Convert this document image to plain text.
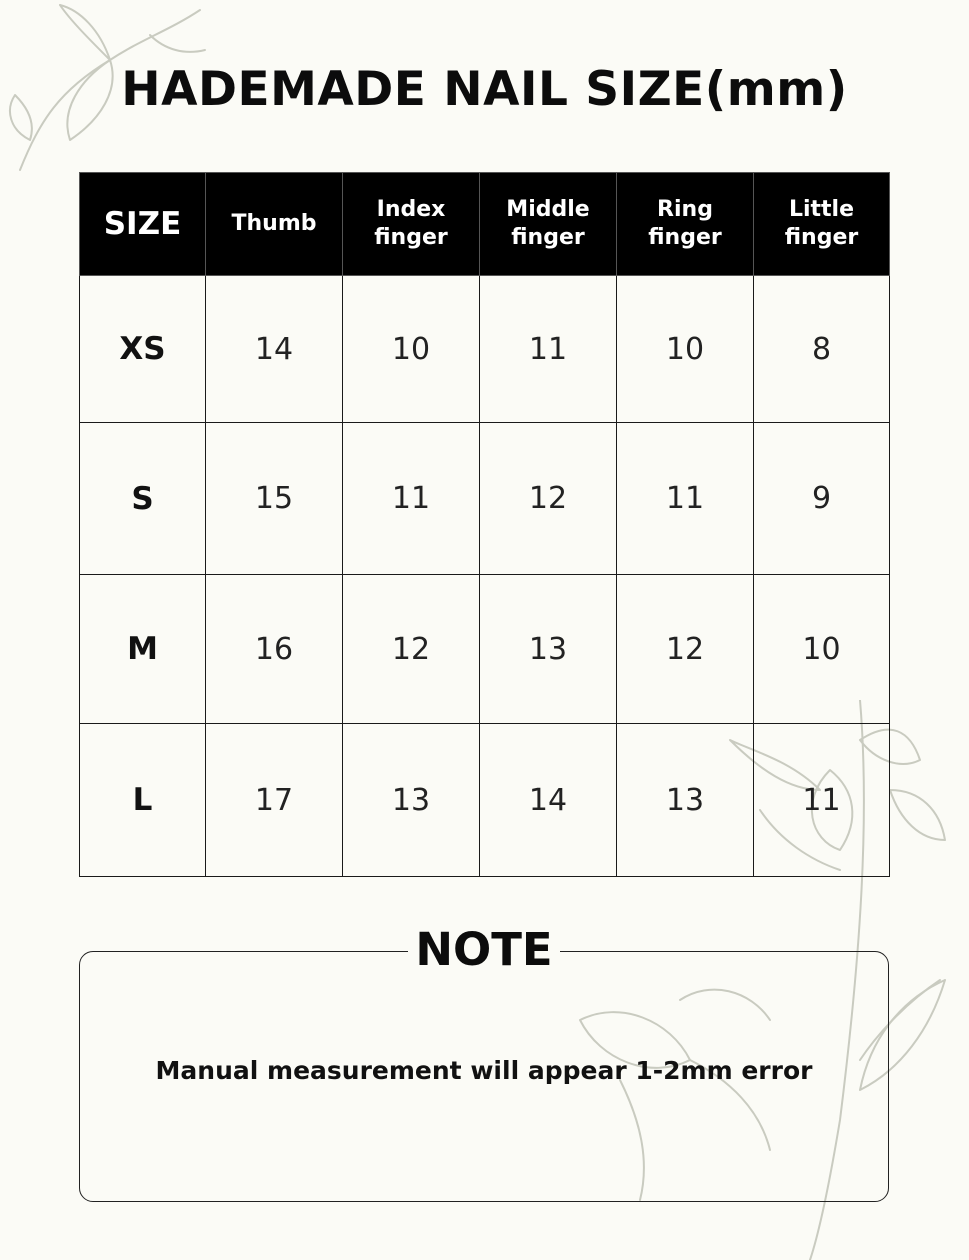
HADEMADE NAIL SIZE(mm)
SIZE	Thumb	Index finger	Middle finger	Ring finger	Little finger
XS	14	10	11	10	8
S	15	11	12	11	9
M	16	12	13	12	10
L	17	13	14	13	11
NOTE
Manual measurement will appear 1-2mm error
